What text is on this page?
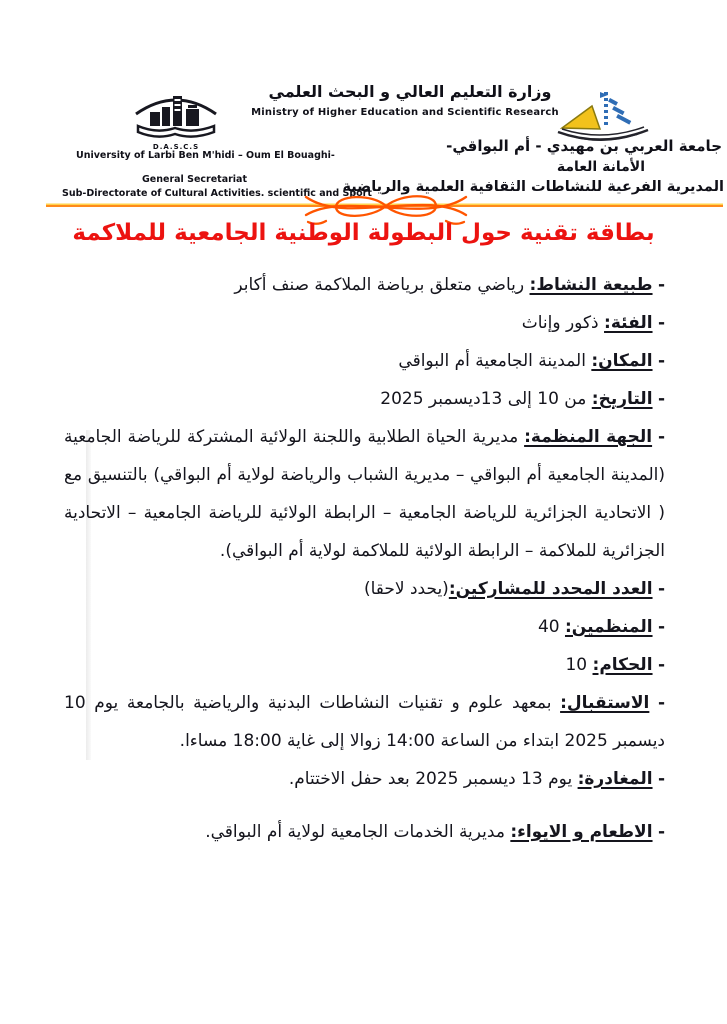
D.A.S.C.S
وزارة التعليم العالي و البحث العلمي
Ministry of Higher Education and Scientific Research
University of Larbi Ben M'hidi – Oum El Bouaghi-
General Secretariat
Sub-Directorate of Cultural Activities. scientific and Sport
جامعة العربي بن مهيدي - أم البواقي-
الأمانة العامة
المديرية الفرعية للنشاطات الثقافية العلمية والرياضية
بطاقة تقنية حول البطولة الوطنية الجامعية للملاكمة
- طبيعة النشاط: رياضي متعلق برياضة الملاكمة صنف أكابر
- الفئة: ذكور وإناث
- المكان: المدينة الجامعية أم البواقي
- التاريخ: من 10 إلى 13ديسمبر 2025
- الجهة المنظمة: مديرية الحياة الطلابية واللجنة الولائية المشتركة للرياضة الجامعية (المدينة الجامعية أم البواقي – مديرية الشباب والرياضة لولاية أم البواقي) بالتنسيق مع ( الاتحادية الجزائرية للرياضة الجامعية – الرابطة الولائية للرياضة الجامعية – الاتحادية الجزائرية للملاكمة – الرابطة الولائية للملاكمة لولاية أم البواقي).
- العدد المحدد للمشاركين:(يحدد لاحقا)
- المنظمين: 40
- الحكام: 10
- الاستقبال: بمعهد علوم و تقنيات النشاطات البدنية والرياضية بالجامعة يوم 10 ديسمبر 2025 ابتداء من الساعة 14:00 زوالا إلى غاية 18:00 مساءا.
- المغادرة: يوم 13 ديسمبر 2025 بعد حفل الاختتام.
- الاطعام و الايواء: مديرية الخدمات الجامعية لولاية أم البواقي.
